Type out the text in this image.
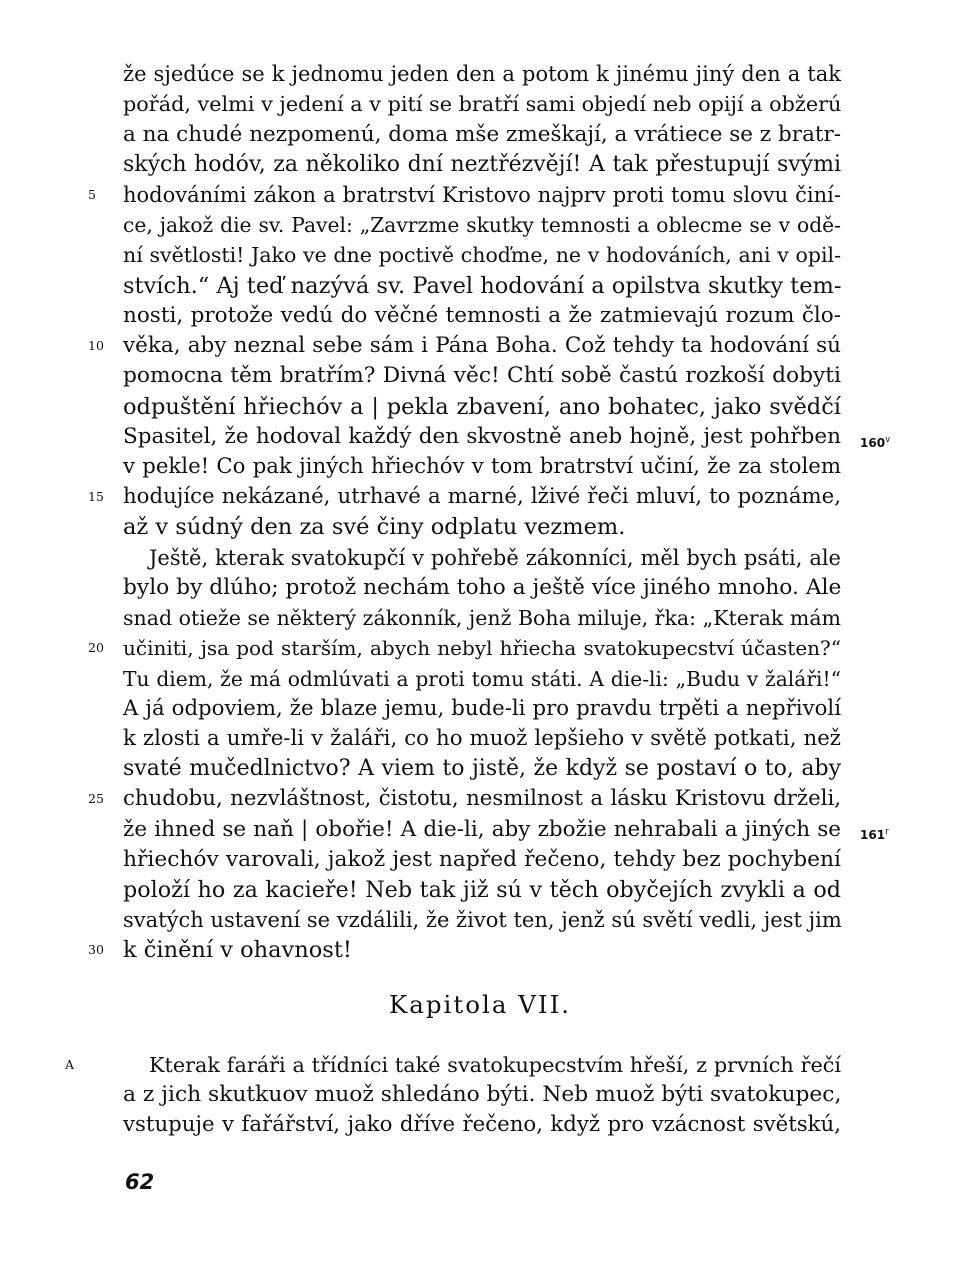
že sjedúce se k jednomu jeden den a potom k jinému jiný den a tak
pořád, velmi v jedení a v pití se bratří sami objedí neb opijí a obžerú
a na chudé nezpomenú, doma mše zmeškají, a vrátiece se z bratr-
ských hodóv, za několiko dní neztřézvějí! A tak přestupují svými
hodováními zákon a bratrství Kristovo najprv proti tomu slovu činí-
ce, jakož die sv. Pavel: „Zavrzme skutky temnosti a oblecme se v odě-
ní světlosti! Jako ve dne poctivě choďme, ne v hodováních, ani v opil-
stvích.“ Aj teď nazývá sv. Pavel hodování a opilstva skutky tem-
nosti, protože vedú do věčné temnosti a že zatmievajú rozum člo-
věka, aby neznal sebe sám i Pána Boha. Což tehdy ta hodování sú
pomocna těm bratřím? Divná věc! Chtí sobě častú rozkoší dobyti
odpuštění hřiechóv a | pekla zbavení, ano bohatec, jako svědčí
Spasitel, že hodoval každý den skvostně aneb hojně, jest pohřben
v pekle! Co pak jiných hřiechóv v tom bratrství učiní, že za stolem
hodujíce nekázané, utrhavé a marné, lživé řeči mluví, to poznáme,
až v súdný den za své činy odplatu vezmem.
Ještě, kterak svatokupčí v pohřebě zákonníci, měl bych psáti, ale
bylo by dlúho; protož nechám toho a ještě více jiného mnoho. Ale
snad otieže se některý zákonník, jenž Boha miluje, řka: „Kterak mám
učiniti, jsa pod starším, abych nebyl hřiecha svatokupecství účasten?“
Tu diem, že má odmlúvati a proti tomu státi. A die-li: „Budu v žaláři!“
A já odpoviem, že blaze jemu, bude-li pro pravdu trpěti a nepřivolí
k zlosti a umře-li v žaláři, co ho muož lepšieho v světě potkati, než
svaté mučedlnictvo? A viem to jistě, že když se postaví o to, aby
chudobu, nezvláštnost, čistotu, nesmilnost a lásku Kristovu drželi,
že ihned se naň | obořie! A die-li, aby zbožie nehrabali a jiných se
hřiechóv varovali, jakož jest napřed řečeno, tehdy bez pochybení
položí ho za kacieře! Neb tak již sú v těch obyčejích zvykli a od
svatých ustavení se vzdálili, že život ten, jenž sú světí vedli, jest jim
k činění v ohavnost!
5
10
15
20
25
30
160$^v$
161$^r$
Kapitola VII.
A	Kterak faráři a třídníci také svatokupecstvím hřeší, z prvních řečí
a z jich skutkuov muož shledáno býti. Neb muož býti svatokupec,
vstupuje v fařářství, jako dříve řečeno, když pro vzácnost světskú,
62
